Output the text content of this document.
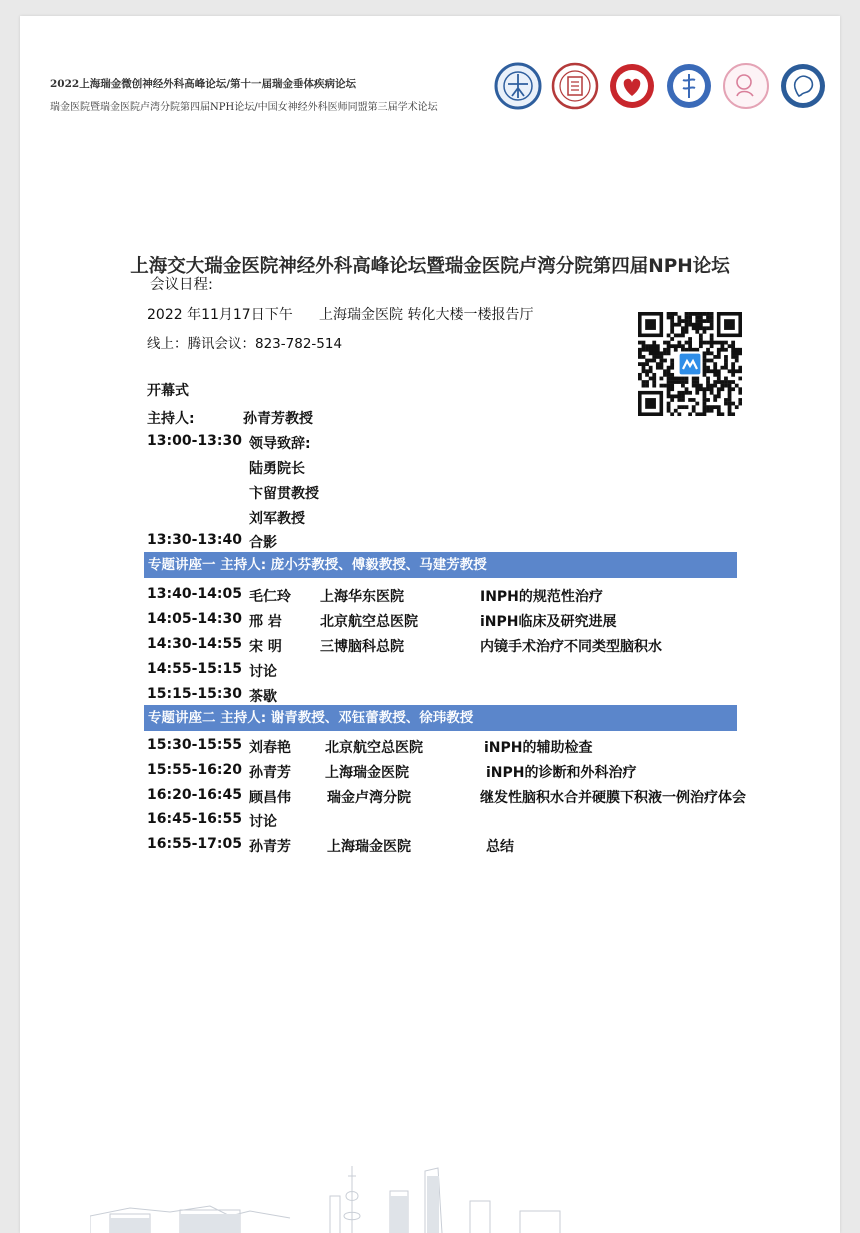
2022上海瑞金微创神经外科高峰论坛/第十一届瑞金垂体疾病论坛
瑞金医院暨瑞金医院卢湾分院第四届NPH论坛/中国女神经外科医师同盟第三届学术论坛
上海交大瑞金医院神经外科高峰论坛暨瑞金医院卢湾分院第四届NPH论坛
会议日程:
2022 年11月17日下午 上海瑞金医院 转化大楼一楼报告厅
线上：腾讯会议：823-782-514
开幕式
主持人:	孙青芳教授
13:00-13:30 领导致辞:
陆勇院长
卞留贯教授
刘军教授
13:30-13:40 合影
专题讲座一 主持人: 庞小芬教授、傅毅教授、马建芳教授
13:40-14:05 毛仁玲 上海华东医院	INPH的规范性治疗
14:05-14:30 邢 岩	北京航空总医院	iNPH临床及研究进展
14:30-14:55 宋 明	三博脑科总院	内镜手术治疗不同类型脑积水
14:55-15:15 讨论
15:15-15:30 茶歇
专题讲座二 主持人: 谢青教授、邓钰蕾教授、徐玮教授
15:30-15:55 刘春艳 北京航空总医院	iNPH的辅助检查
15:55-16:20 孙青芳 上海瑞金医院	iNPH的诊断和外科治疗
16:20-16:45 顾昌伟	瑞金卢湾分院	继发性脑积水合并硬膜下积液一例治疗体会
16:45-16:55 讨论
16:55-17:05 孙青芳	上海瑞金医院	总结
